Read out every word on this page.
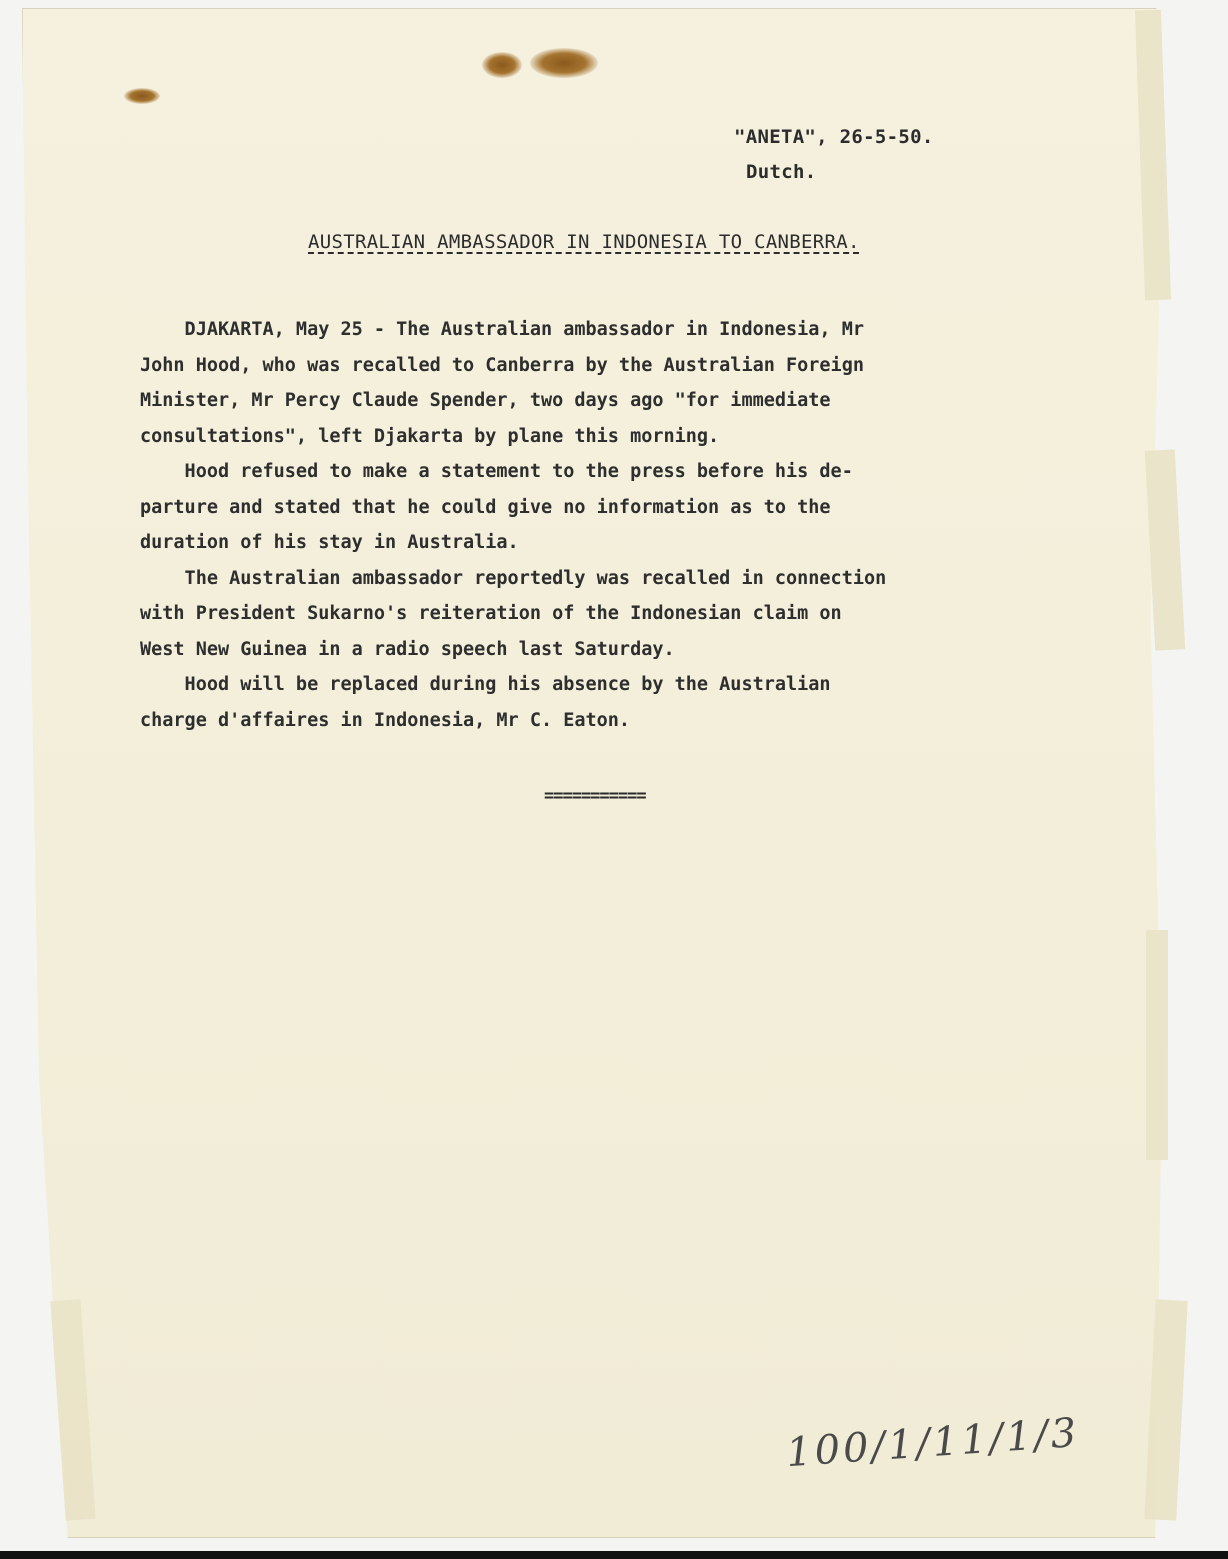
"ANETA", 26-5-50.

Dutch.

AUSTRALIAN AMBASSADOR IN INDONESIA TO CANBERRA.

DJAKARTA, May 25 - The Australian ambassador in Indonesia, Mr
John Hood, who was recalled to Canberra by the Australian Foreign
Minister, Mr Percy Claude Spender, two days ago "for immediate
consultations", left Djakarta by plane this morning.
Hood refused to make a statement to the press before his de-
parture and stated that he could give no information as to the
duration of his stay in Australia.
The Australian ambassador reportedly was recalled in connection
with President Sukarno's reiteration of the Indonesian claim on
West New Guinea in a radio speech last Saturday.
Hood will be replaced during his absence by the Australian
charge d'affaires in Indonesia, Mr C. Eaton.

===========

100/1/11/1/3
